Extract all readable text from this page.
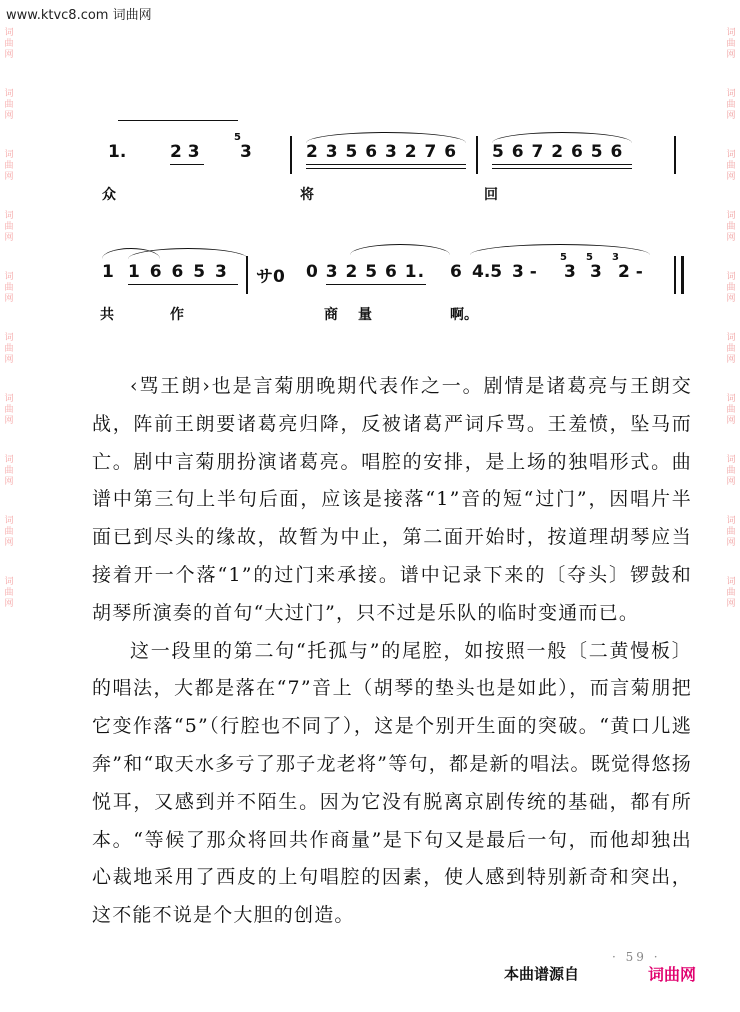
www.ktvc8.com 词曲网
词
曲
网
词
曲
网
词
曲
网
词
曲
网
词
曲
网
词
曲
网
词
曲
网
词
曲
网
词
曲
网
词
曲
网
词
曲
网
词
曲
网
词
曲
网
词
曲
网
词
曲
网
词
曲
网
词
曲
网
词
曲
网
词
曲
网
词
曲
网
1.	2 3
5
3	2 3 5 6 3 2 7 6 5 6 7 2 6 5 6
众	将	回
1 1 6 6 5 3 サ0 0 3 2 5 6 1. 6 4.5 3 -
5
3
5
3
3
2 -
共	作	商 量	啊。

‹骂王朗›也是言菊朋晚期代表作之一。剧情是诸葛亮与王朗交战，阵前王朗要诸葛亮归降，反被诸葛严词斥骂。王羞愤，坠马而亡。剧中言菊朋扮演诸葛亮。唱腔的安排，是上场的独唱形式。曲谱中第三句上半句后面，应该是接落“1”音的短“过门”，因唱片半面已到尽头的缘故，故暂为中止，第二面开始时，按道理胡琴应当接着开一个落“1”的过门来承接。谱中记录下来的〔夺头〕锣鼓和胡琴所演奏的首句“大过门”，只不过是乐队的临时变通而已。

这一段里的第二句“托孤与”的尾腔，如按照一般〔二黄慢板〕的唱法，大都是落在“7”音上（胡琴的垫头也是如此），而言菊朋把它变作落“5”（行腔也不同了），这是个别开生面的突破。“黄口儿逃奔”和“取天水多亏了那子龙老将”等句，都是新的唱法。既觉得悠扬悦耳，又感到并不陌生。因为它没有脱离京剧传统的基础，都有所本。“等候了那众将回共作商量”是下句又是最后一句，而他却独出心裁地采用了西皮的上句唱腔的因素，使人感到特别新奇和突出，这不能不说是个大胆的创造。

· 59 ·
本曲谱源自	词曲网
